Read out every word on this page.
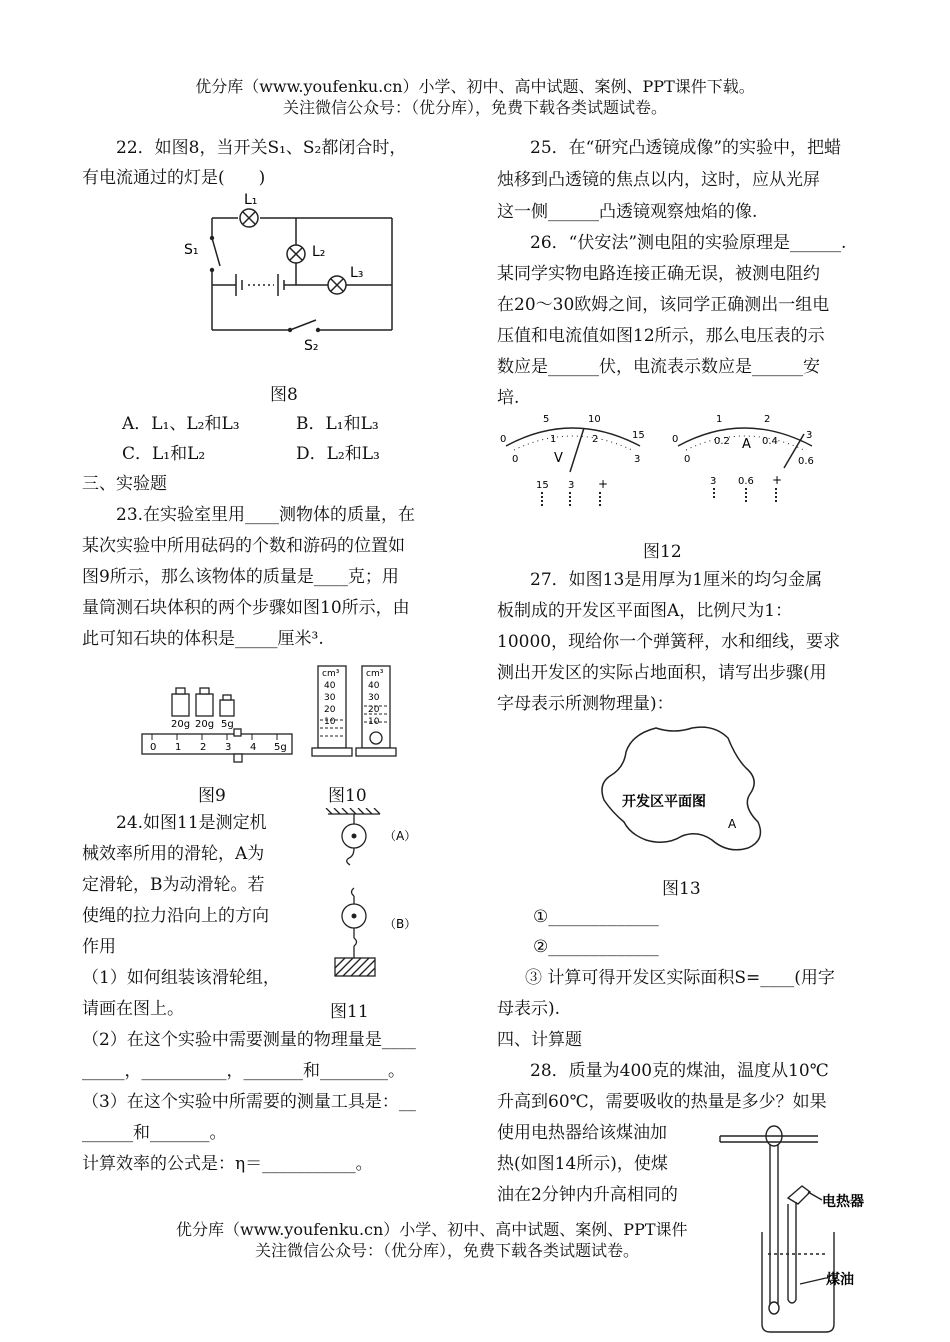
优分库（www.youfenku.cn）小学、初中、高中试题、案例、PPT课件下载。
关注微信公众号：（优分库），免费下载各类试题试卷。
22．如图8，当开关S₁、S₂都闭合时，
有电流通过的灯是(　　)
L₁
L₂
L₃
S₁
S₂
图8
A．L₁、L₂和L₃	B．L₁和L₃
C．L₁和L₂	D．L₂和L₃
三、实验题
23.在实验室里用____测物体的质量，在
某次实验中所用砝码的个数和游码的位置如
图9所示，那么该物体的质量是____克；用
量筒测石块体积的两个步骤如图10所示，由
此可知石块的体积是_____厘米³.
20g 20g 5g
0 1 2 3 4 5g
cm³
40
30
20
10
cm³
40
30
20
10
图9	图10
24.如图11是测定机
械效率所用的滑轮，A为
定滑轮，B为动滑轮。若
使绳的拉力沿向上的方向
作用
（1）如何组装该滑轮组，
请画在图上。
（A）
（B）
图11
（2）在这个实验中需要测量的物理量是____
_____，__________，_______和________。
（3）在这个实验中所需要的测量工具是：__
______和_______。
计算效率的公式是：η＝___________。
25．在“研究凸透镜成像”的实验中，把蜡
烛移到凸透镜的焦点以内，这时，应从光屏
这一侧______凸透镜观察烛焰的像.
26．“伏安法”测电阻的实验原理是______.
某同学实物电路连接正确无误，被测电阻约
在20～30欧姆之间，该同学正确测出一组电
压值和电流值如图12所示，那么电压表的示
数应是______伏，电流表示数应是______安
培.
0
5	10
15
0
1	2
3
V
15 3 +
0
1	2
3
0
0.2	0.4
0.6
A
3 0.6 +
图12
27．如图13是用厚为1厘米的均匀金属
板制成的开发区平面图A，比例尺为1：
10000，现给你一个弹簧秤，水和细线，要求
测出开发区的实际占地面积，请写出步骤(用
字母表示所测物理量)：
开发区平面图
A
图13
①_____________
②_____________
③ 计算可得开发区实际面积S=____(用字
母表示).
四、计算题
28．质量为400克的煤油，温度从10℃
升高到60℃，需要吸收的热量是多少？如果
使用电热器给该煤油加
热(如图14所示)，使煤
油在2分钟内升高相同的	电热器
煤油
优分库（www.youfenku.cn）小学、初中、高中试题、案例、PPT课件
关注微信公众号：（优分库），免费下载各类试题试卷。
